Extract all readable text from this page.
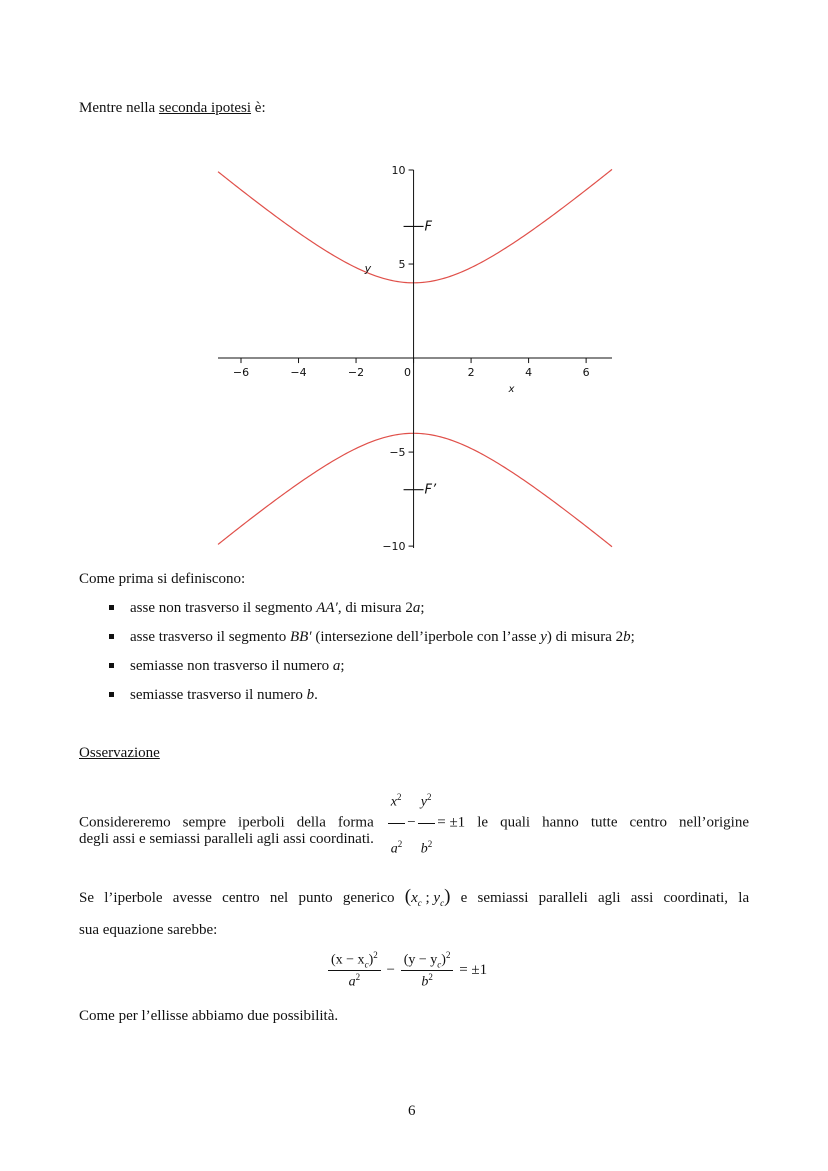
Mentre nella seconda ipotesi è:
−6	−4	−2	0	2	4	6
−10
−5
5
10
x
y
F
F’
Come prima si definiscono:
asse non trasverso il segmento AA′, di misura 2a;
asse trasverso il segmento BB′ (intersezione dell’iperbole con l’asse y) di misura 2b;
semiasse non trasverso il numero a;
semiasse trasverso il numero b.
Osservazione
Considereremo sempre iperboli della forma $\frac{x^2}{a^2} - \frac{y^2}{b^2} = \pm 1$ le quali hanno tutte centro nell’origine
degli assi e semiassi paralleli agli assi coordinati.
Se l’iperbole avesse centro nel punto generico ($x_c$ ; $y_c$) e semiassi paralleli agli assi coordinati, la
sua equazione sarebbe:
$\frac{(x - x_c)^2}{a^2} - \frac{(y - y_c)^2}{b^2} = \pm 1$
Come per l’ellisse abbiamo due possibilità.
6
